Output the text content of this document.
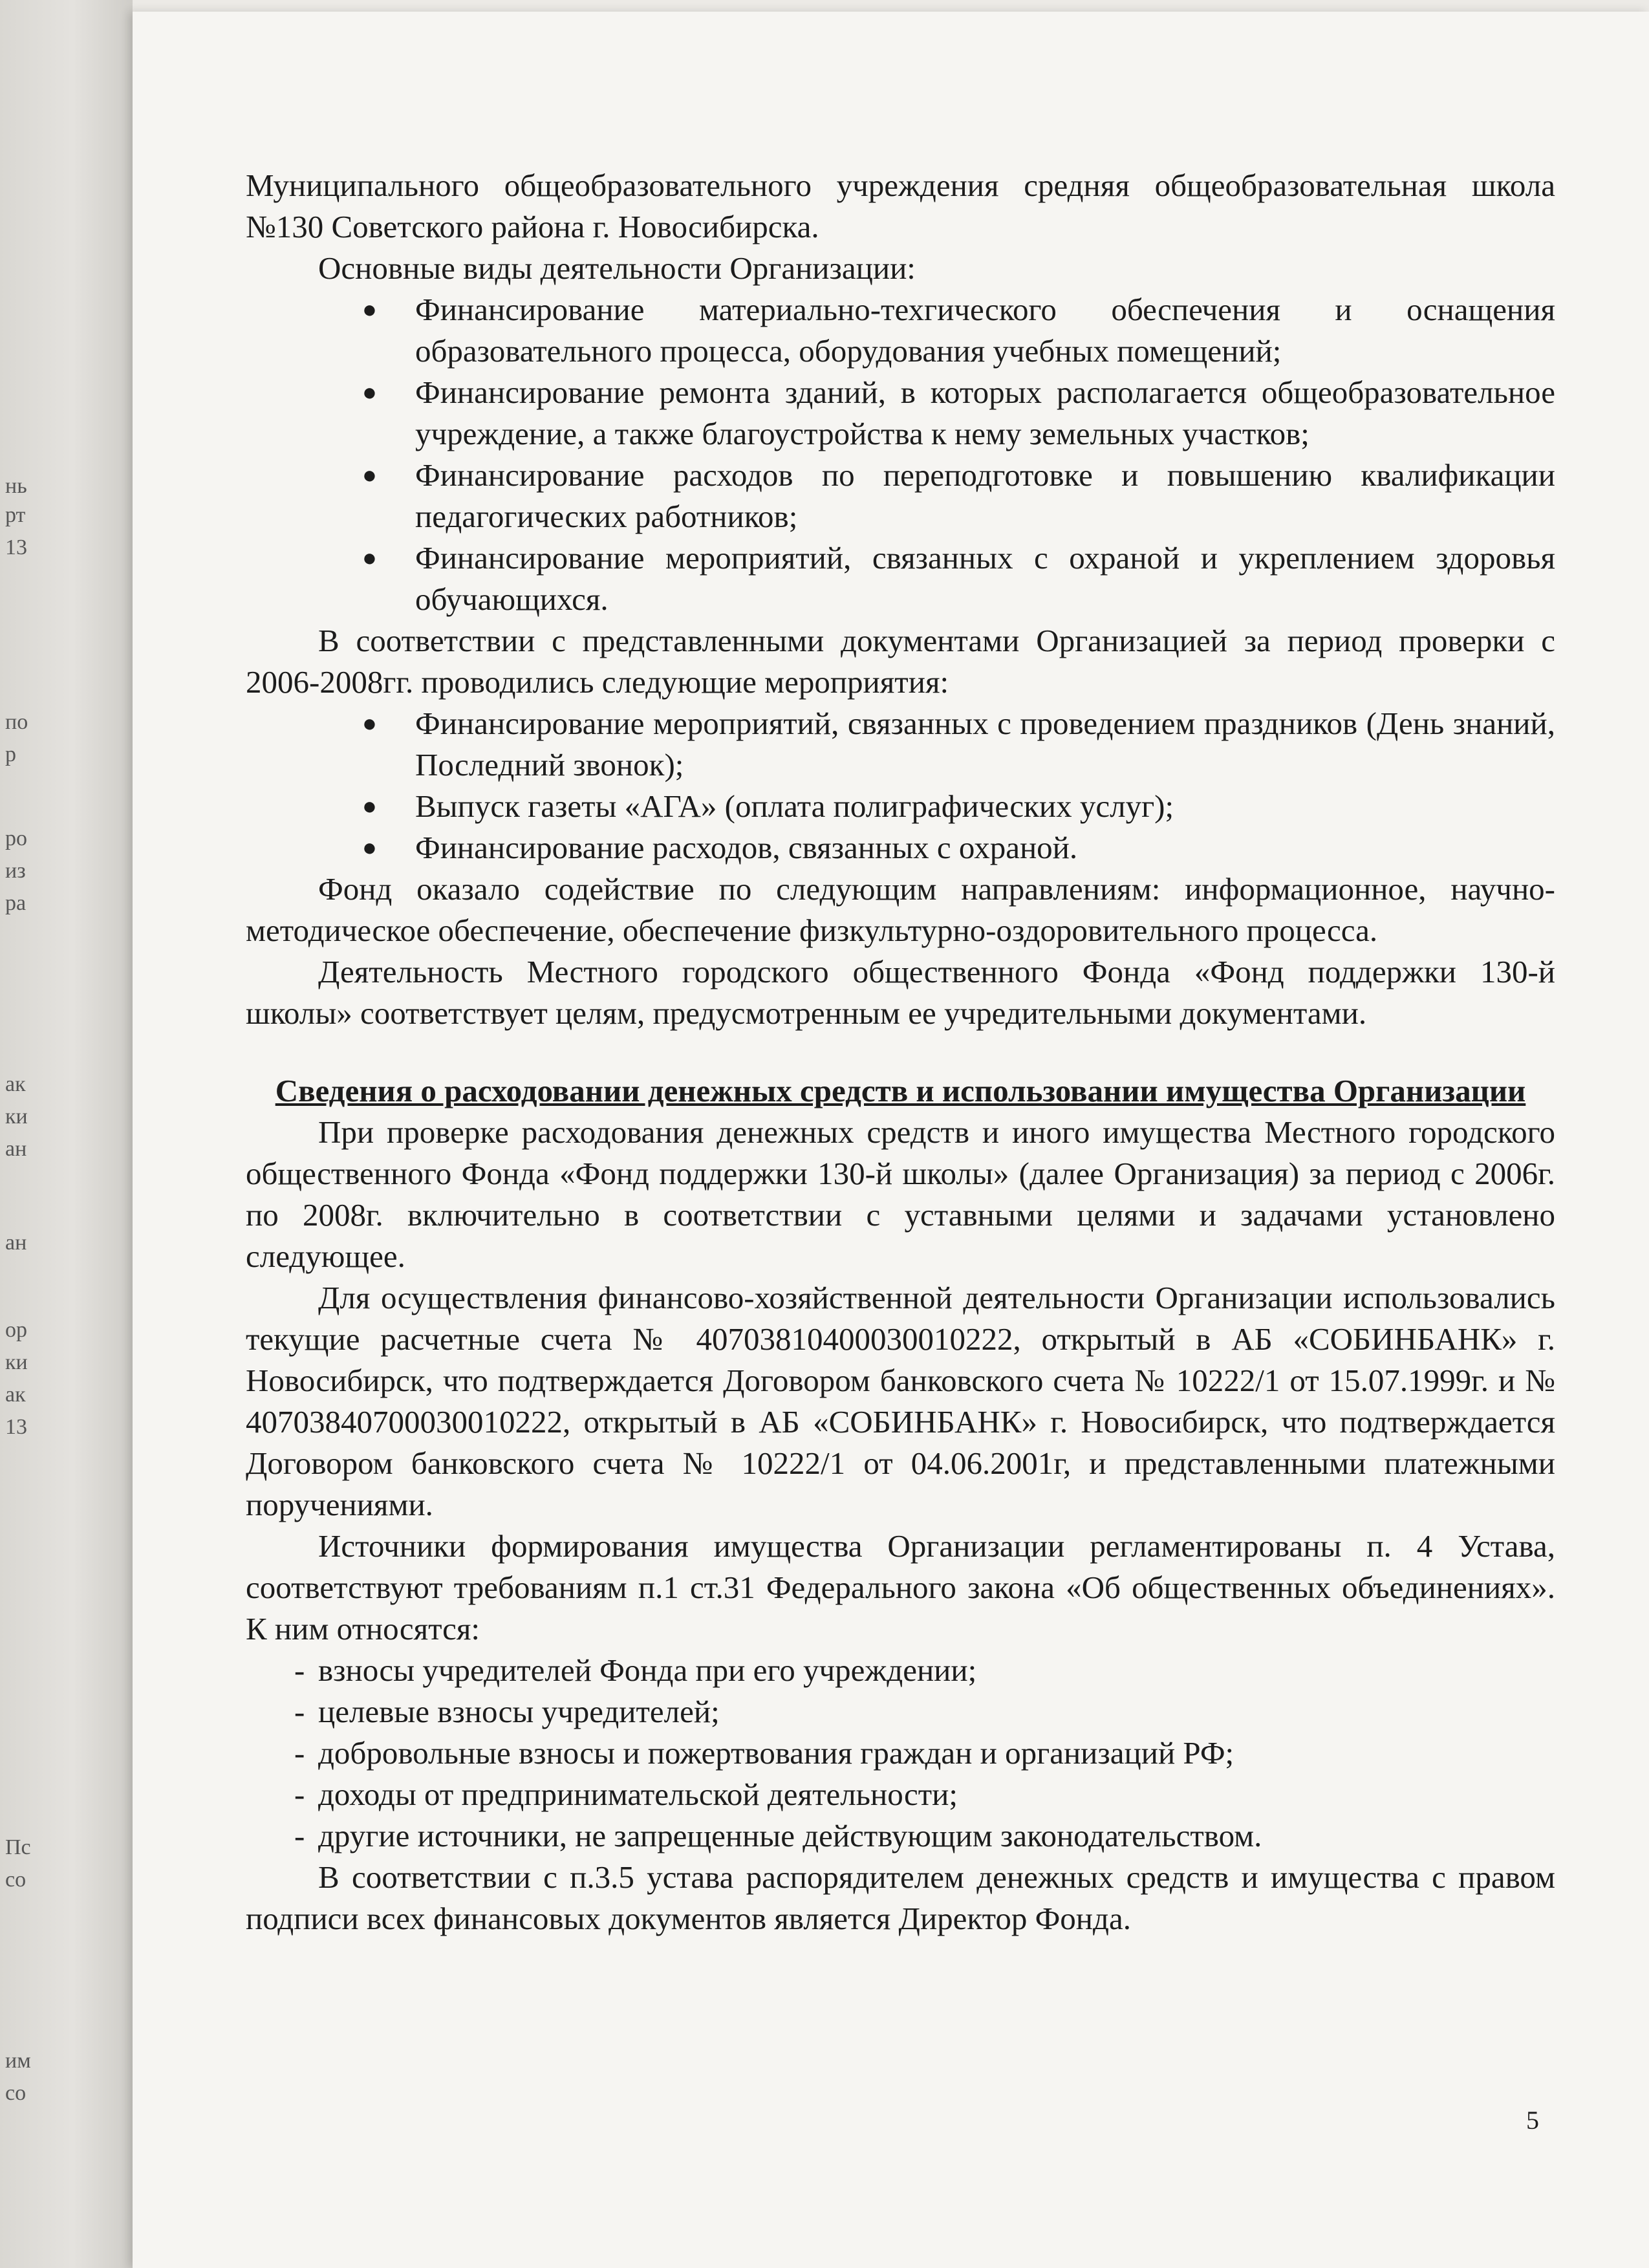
нь
рт
13
по
р
ро
из
ра
ак
ки
ан
ан
ор
ки
ак
13
Пс
со
им
со

Муниципального общеобразовательного учреждения средняя общеобразовательная школа №130 Советского района г. Новосибирска.

Основные виды деятельности Организации:

● Финансирование материально-техгического обеспечения и оснащения образовательного процесса, оборудования учебных помещений;
● Финансирование ремонта зданий, в которых располагается общеобразовательное учреждение, а также благоустройства к нему земельных участков;
● Финансирование расходов по переподготовке и повышению квалификации педагогических работников;
● Финансирование мероприятий, связанных с охраной и укреплением здоровья обучающихся.

В соответствии с представленными документами Организацией за период проверки с 2006-2008гг. проводились следующие мероприятия:

● Финансирование мероприятий, связанных с проведением праздников (День знаний, Последний звонок);
● Выпуск газеты «АГА» (оплата полиграфических услуг);
● Финансирование расходов, связанных с охраной.

Фонд оказало содействие по следующим направлениям: информационное, научно-методическое обеспечение, обеспечение физкультурно-оздоровительного процесса.

Деятельность Местного городского общественного Фонда «Фонд поддержки 130-й школы» соответствует целям, предусмотренным ее учредительными документами.

Сведения о расходовании денежных средств и использовании имущества Организации

При проверке расходования денежных средств и иного имущества Местного городского общественного Фонда «Фонд поддержки 130-й школы» (далее Организация) за период с 2006г. по 2008г. включительно в соответствии с уставными целями и задачами установлено следующее.

Для осуществления финансово-хозяйственной деятельности Организации использовались текущие расчетные счета № 40703810400030010222, открытый в АБ «СОБИНБАНК» г. Новосибирск, что подтверждается Договором банковского счета № 10222/1 от 15.07.1999г. и № 40703840700030010222, открытый в АБ «СОБИНБАНК» г. Новосибирск, что подтверждается Договором банковского счета № 10222/1 от 04.06.2001г, и представленными платежными поручениями.

Источники формирования имущества Организации регламентированы п. 4 Устава, соответствуют требованиям п.1 ст.31 Федерального закона «Об общественных объединениях». К ним относятся:

- взносы учредителей Фонда при его учреждении;
- целевые взносы учредителей;
- добровольные взносы и пожертвования граждан и организаций РФ;
- доходы от предпринимательской деятельности;
- другие источники, не запрещенные действующим законодательством.

В соответствии с п.3.5 устава распорядителем денежных средств и имущества с правом подписи всех финансовых документов является Директор Фонда.

5
